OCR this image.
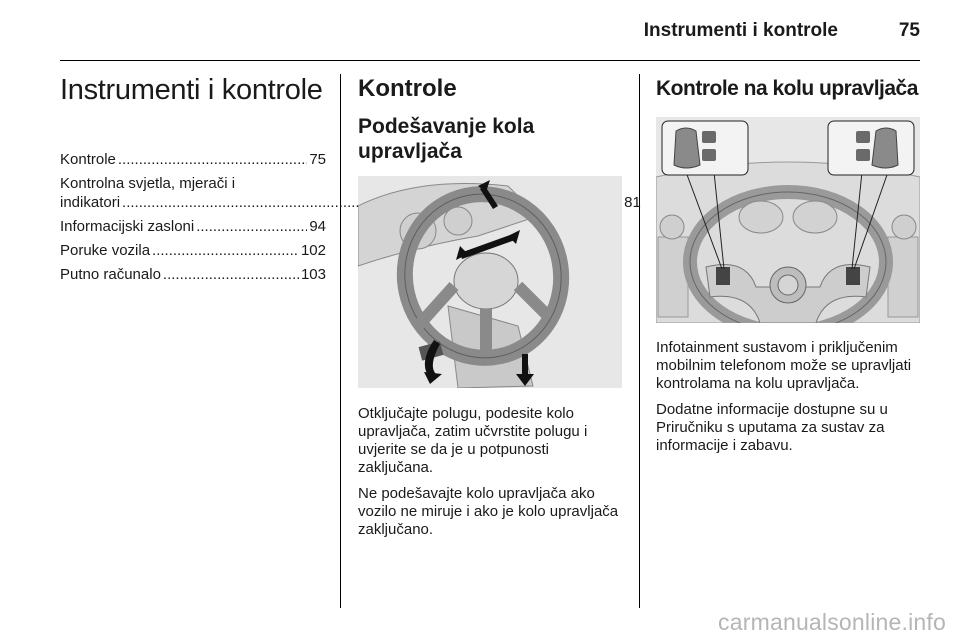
Instrumenti i kontrole	75
Instrumenti i kontrole
Kontrole .....	75
Kontrolna svjetla, mjerači i
indikatori .....	81
Informacijski zasloni .....	94
Poruke vozila .....	102
Putno računalo .....	103
Kontrole
Podešavanje kola upravljača

Otključajte polugu, podesite kolo upravljača, zatim učvrstite polugu i uvjerite se da je u potpunosti zaključana.

Ne podešavajte kolo upravljača ako vozilo ne miruje i ako je kolo upravljača zaključano.

Kontrole na kolu upravljača

Infotainment sustavom i priključenim mobilnim telefonom može se upravljati kontrolama na kolu upravljača.

Dodatne informacije dostupne su u Priručniku s uputama za sustav za informacije i zabavu.

carmanualsonline.info
